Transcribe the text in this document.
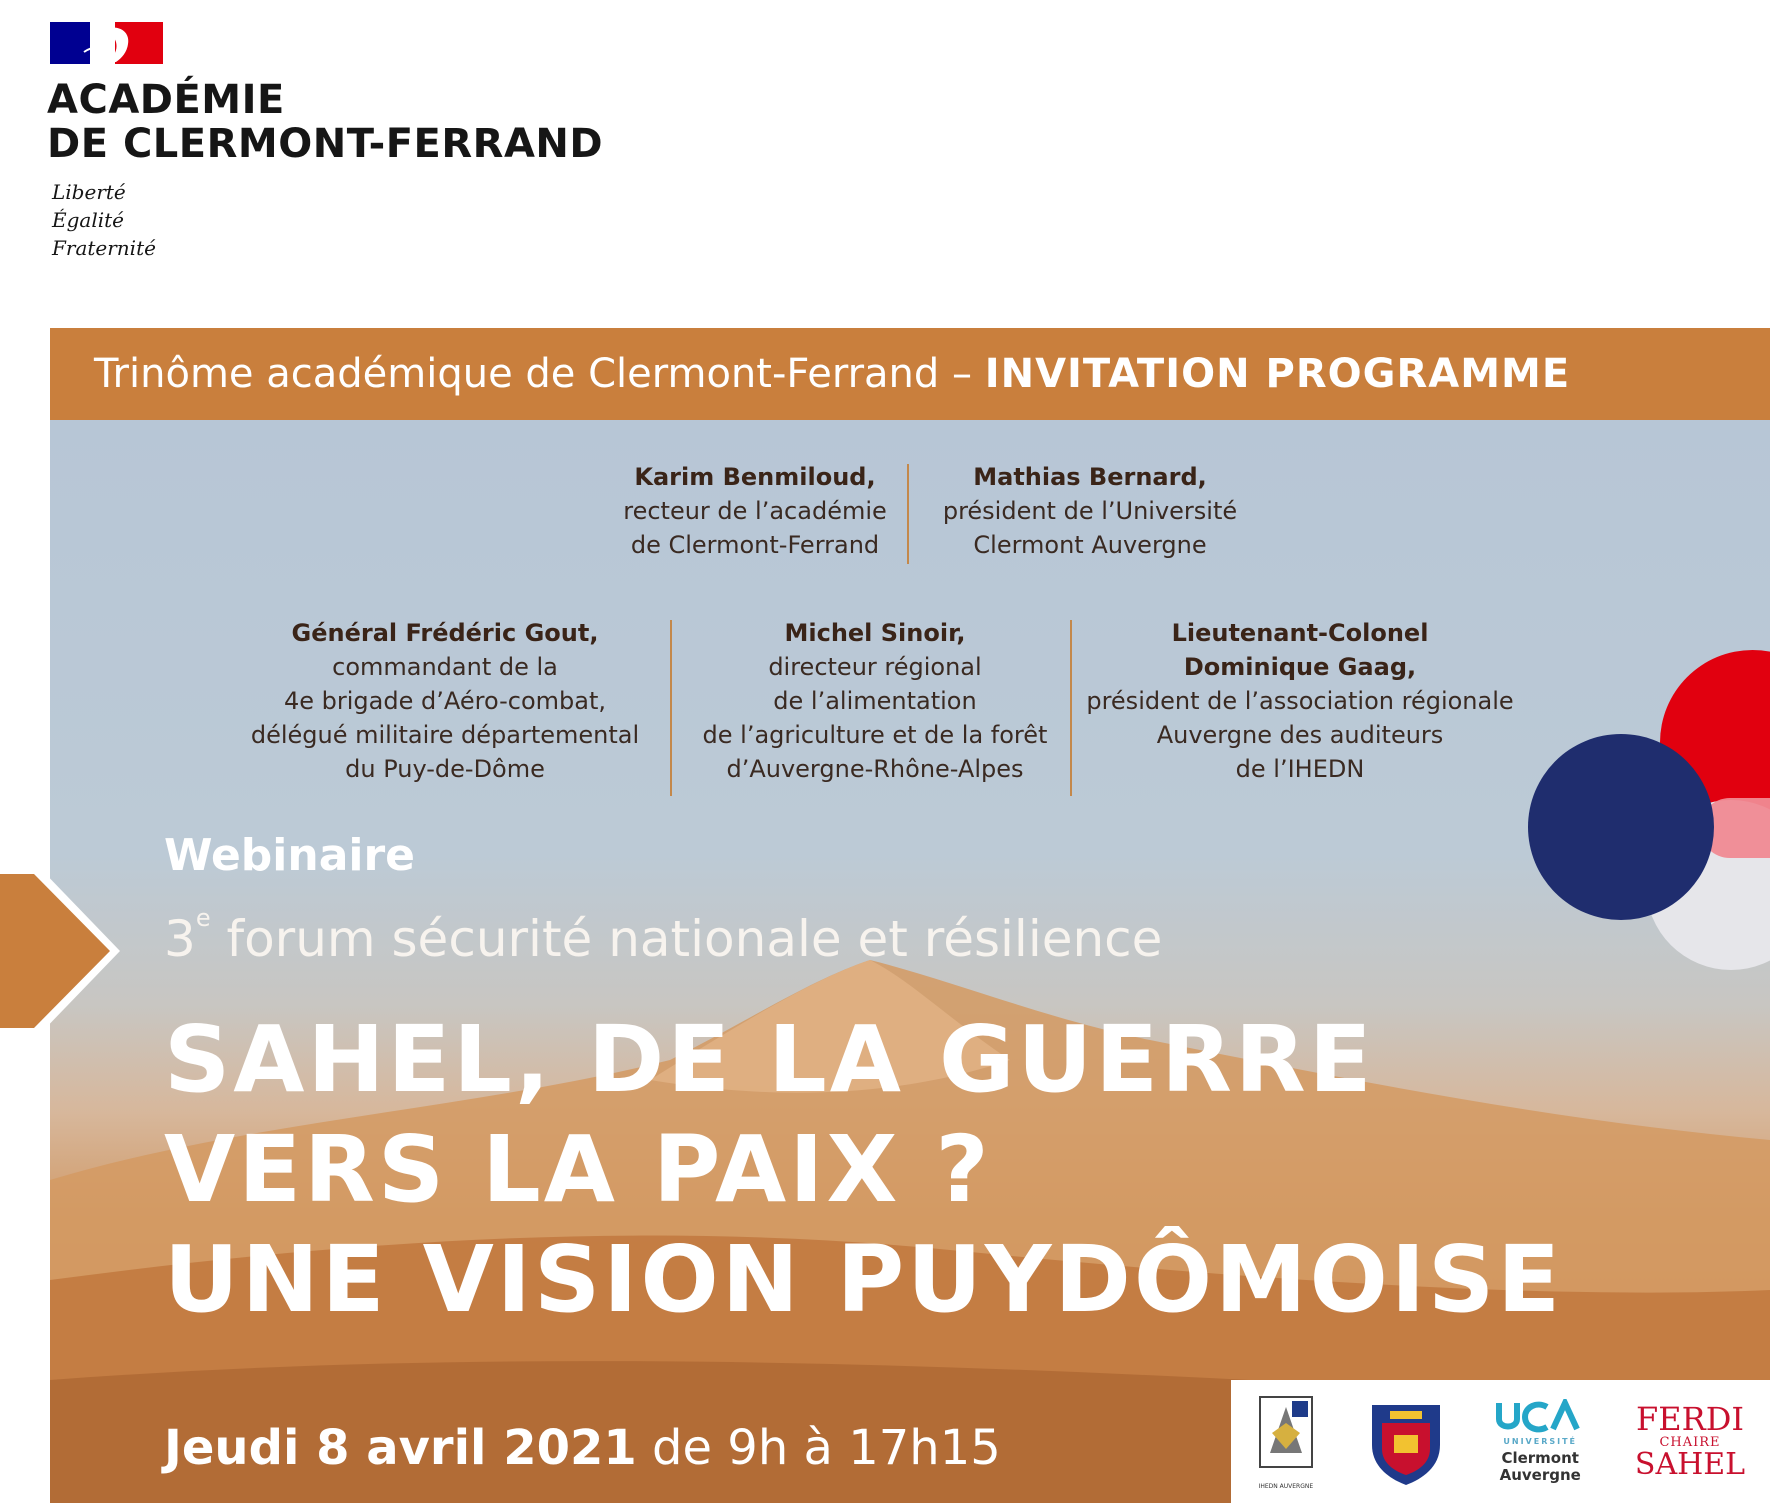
ACADÉMIE
DE CLERMONT-FERRAND
Liberté
Égalité
Fraternité
Trinôme académique de Clermont-Ferrand – INVITATION PROGRAMME
Karim Benmiloud,
recteur de l’académie
de Clermont-Ferrand
Mathias Bernard,
président de l’Université
Clermont Auvergne
Général Frédéric Gout,
commandant de la
4e brigade d’Aéro-combat,
délégué militaire départemental
du Puy-de-Dôme
Michel Sinoir,
directeur régional
de l’alimentation
de l’agriculture et de la forêt
d’Auvergne-Rhône-Alpes
Lieutenant-Colonel
Dominique Gaag,
président de l’association régionale
Auvergne des auditeurs
de l’IHEDN
Webinaire
3e forum sécurité nationale et résilience
SAHEL, DE LA GUERRE
VERS LA PAIX ?
UNE VISION PUYDÔMOISE
Jeudi 8 avril 2021 de 9h à 17h15
IHEDN AUVERGNE
UNIVERSITÉ
Clermont
Auvergne
FERDI
CHAIRE
SAHEL
